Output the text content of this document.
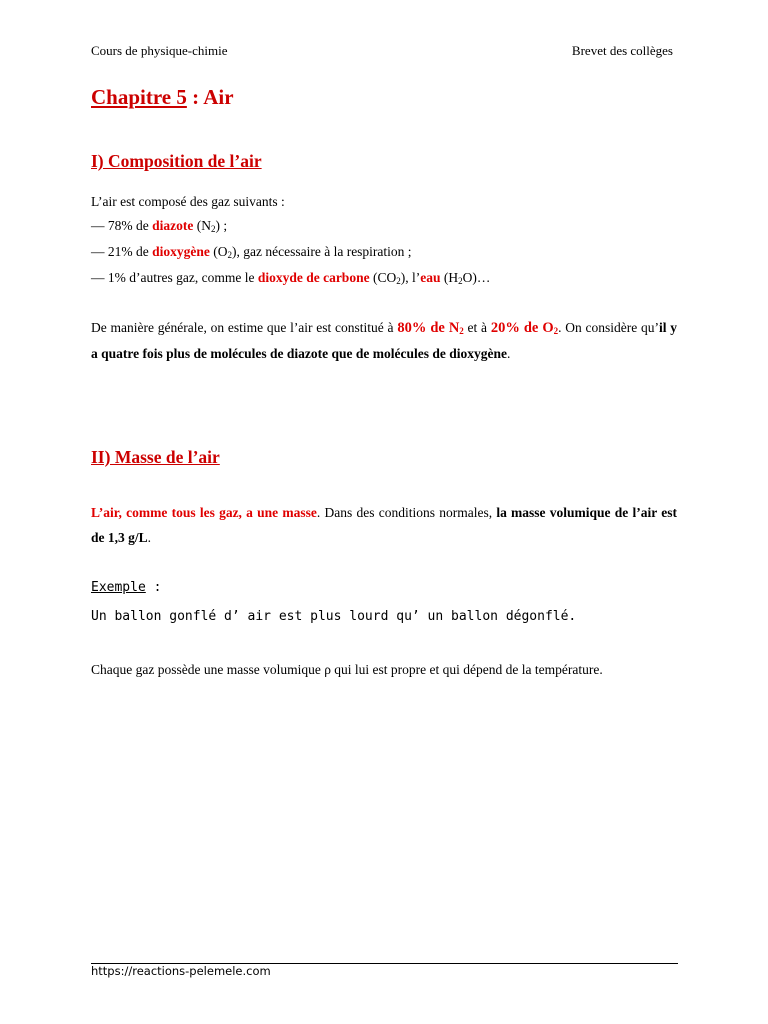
Cours de physique-chimie	Brevet des collèges
Chapitre 5 : Air
I) Composition de l’air
L’air est composé des gaz suivants :
— 78% de diazote $(N_2)$ ;
— 21% de dioxygène $(O_2)$, gaz nécessaire à la respiration ;
— 1% d’autres gaz, comme le dioxyde de carbone $(CO_2)$, l’eau $(H_2O)\dots$
De manière générale, on estime que l’air est constitué à 80% de $N_2$ et à 20% de $O_2$. On considère qu’il y a quatre fois plus de molécules de diazote que de molécules de dioxygène.
II) Masse de l’air
L’air, comme tous les gaz, a une masse. Dans des conditions normales, la masse volumique de l’air est de 1,3 g/L.
Exemple :
Un ballon gonflé d’ air est plus lourd qu’ un ballon dégonflé.
Chaque gaz possède une masse volumique ρ qui lui est propre et qui dépend de la température.
https://reactions-pelemele.com
